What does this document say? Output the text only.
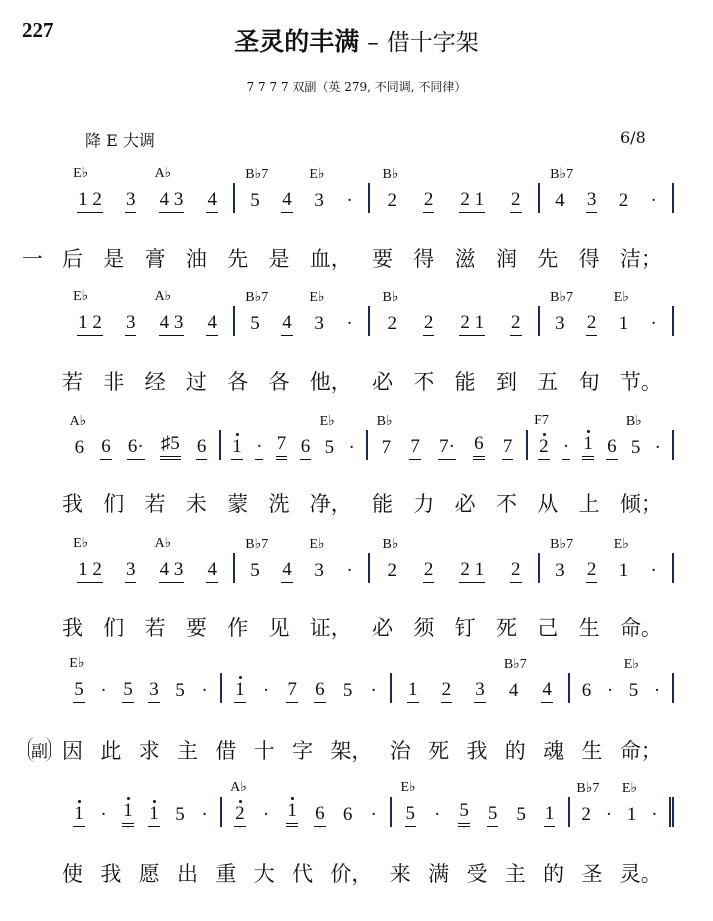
227	圣灵的丰满 – 借十字架
7 7 7 7 双副（英 279, 不同调, 不同律）
降 E 大调	6/8
1 2
E♭
3 4 3
A♭
4 5
B♭7
4 3
E♭
· 2
B♭
2 2 1 2 4
B♭7
3 2 ·
一 后 是 膏 油 先 是 血， 要 得 滋 润 先 得 洁；
1 2
E♭
3 4 3
A♭
4 5
B♭7
4 3
E♭
· 2
B♭
2 2 1 2 3
B♭7
2 1
E♭
·
若 非 经 过 各 各 他， 必 不 能 到 五 旬 节。
6
A♭
6 6· ♯5 6 1 · 7 6 5
E♭
· 7
B♭
7 7· 6 7 2
F7
· 1 6 5
B♭
·
我 们 若 未 蒙 洗 净， 能 力 必 不 从 上 倾；
1 2
E♭
3 4 3
A♭
4 5
B♭7
4 3
E♭
· 2
B♭
2 2 1 2 3
B♭7
2 1
E♭
·
我 们 若 要 作 见 证， 必 须 钉 死 己 生 命。
5
E♭
· 5 3 5 · 1 · 7 6 5 · 1 2 3 4
B♭7
4 6 · 5
E♭
·
副 因 此 求 主 借 十 字 架， 治 死 我 的 魂 生 命；
1 · 1 1 5 · 2
A♭
· 1 6 6 · 5
E♭
· 5 5 5 1 2
B♭7
· 1
E♭
·
使 我 愿 出 重 大 代 价， 来 满 受 主 的 圣 灵。
